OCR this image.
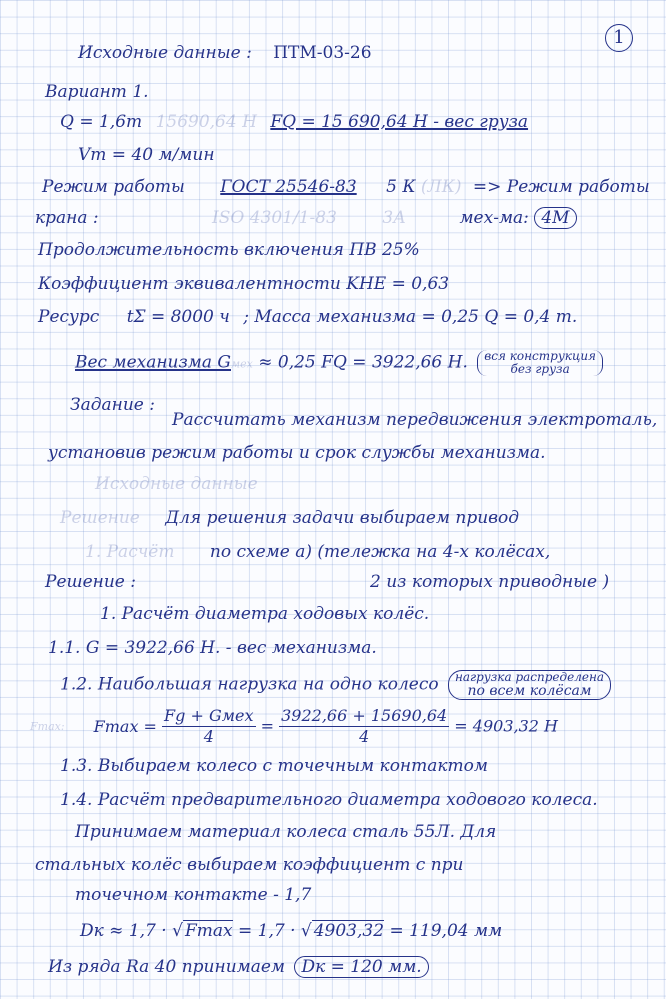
1
Исходные данные : ПТМ-03-26
Вариант 1.
Q = 1,6т 15690,64 Н FQ = 15 690,64 Н - вес груза
Vт = 40 м/мин
Режим работы ГОСТ 25546-83 5 К (ЛК) => Режим работы
крана :	ISO 4301/1-83	3А	мех-ма: 4М
Продолжительность включения ПВ 25%
Коэффициент эквивалентности KHE = 0,63
Ресурс tΣ = 8000 ч ; Масса механизма = 0,25 Q = 0,4 т.
Вес механизма Gмех ≈ 0,25 FQ = 3922,66 Н. вся конструкция
без груза
Задание :
Рассчитать механизм передвижения электроталь,
установив режим работы и срок службы механизма.
Исходные данные
Решение Для решения задачи выбираем привод
1. Расчёт по схеме а) (тележка на 4-х колёсах,
Решение :	2 из которых приводные )
1. Расчёт диаметра ходовых колёс.
1.1. G = 3922,66 Н. - вес механизма.
1.2. Наибольшая нагрузка на одно колесо нагрузка распределена
по всем колёсам
Fmax: $Fmax = \frac{\text{Fg + Gмех}}{4} = \frac{3922,66 + 15690,64}{4} = 4903,32$ Н
1.3. Выбираем колесо с точечным контактом
1.4. Расчёт предварительного диаметра ходового колеса.
Принимаем материал колеса сталь 55Л. Для
стальных колёс выбираем коэффициент с при
точечном контакте - 1,7
Dк ≈ 1,7 · √ Fmax = 1,7 · √ 4903,32 = 119,04 мм
Из ряда Ra 40 принимаем Dк = 120 мм.
